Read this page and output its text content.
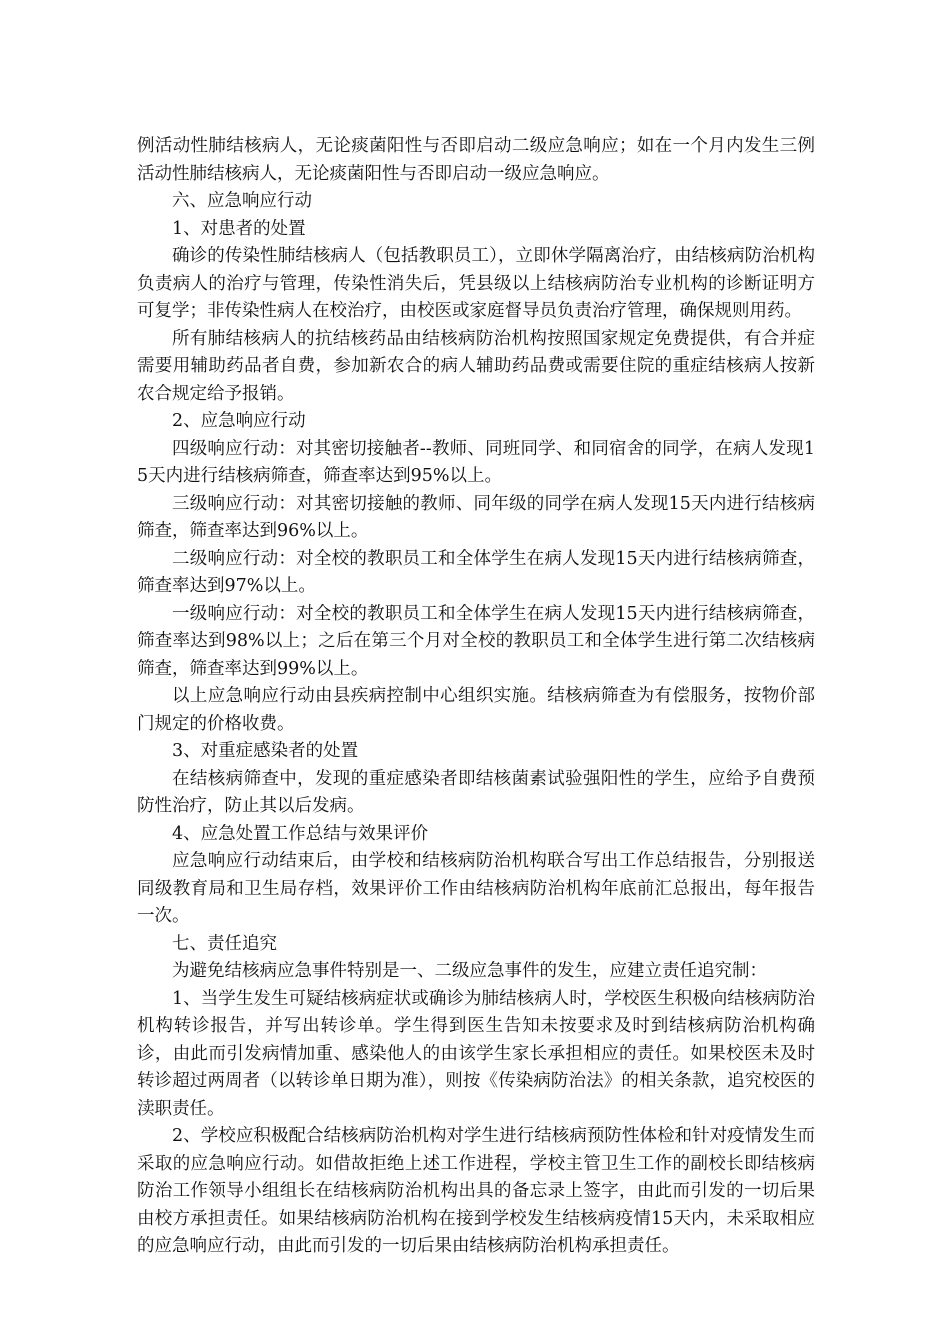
例活动性肺结核病人，无论痰菌阳性与否即启动二级应急响应；如在一个月内发生三例活动性肺结核病人，无论痰菌阳性与否即启动一级应急响应。

六、应急响应行动

1、对患者的处置

确诊的传染性肺结核病人（包括教职员工），立即休学隔离治疗，由结核病防治机构负责病人的治疗与管理，传染性消失后，凭县级以上结核病防治专业机构的诊断证明方可复学；非传染性病人在校治疗，由校医或家庭督导员负责治疗管理，确保规则用药。

所有肺结核病人的抗结核药品由结核病防治机构按照国家规定免费提供，有合并症需要用辅助药品者自费，参加新农合的病人辅助药品费或需要住院的重症结核病人按新农合规定给予报销。

2、应急响应行动

四级响应行动：对其密切接触者--教师、同班同学、和同宿舍的同学，在病人发现15天内进行结核病筛查，筛查率达到95%以上。

三级响应行动：对其密切接触的教师、同年级的同学在病人发现15天内进行结核病筛查，筛查率达到96%以上。

二级响应行动：对全校的教职员工和全体学生在病人发现15天内进行结核病筛查，筛查率达到97%以上。

一级响应行动：对全校的教职员工和全体学生在病人发现15天内进行结核病筛查，筛查率达到98%以上；之后在第三个月对全校的教职员工和全体学生进行第二次结核病筛查，筛查率达到99%以上。

以上应急响应行动由县疾病控制中心组织实施。结核病筛查为有偿服务，按物价部门规定的价格收费。

3、对重症感染者的处置

在结核病筛查中，发现的重症感染者即结核菌素试验强阳性的学生，应给予自费预防性治疗，防止其以后发病。

4、应急处置工作总结与效果评价

应急响应行动结束后，由学校和结核病防治机构联合写出工作总结报告，分别报送同级教育局和卫生局存档，效果评价工作由结核病防治机构年底前汇总报出，每年报告一次。

七、责任追究

为避免结核病应急事件特别是一、二级应急事件的发生，应建立责任追究制：

1、当学生发生可疑结核病症状或确诊为肺结核病人时，学校医生积极向结核病防治机构转诊报告，并写出转诊单。学生得到医生告知未按要求及时到结核病防治机构确诊，由此而引发病情加重、感染他人的由该学生家长承担相应的责任。如果校医未及时转诊超过两周者（以转诊单日期为准），则按《传染病防治法》的相关条款，追究校医的渎职责任。

2、学校应积极配合结核病防治机构对学生进行结核病预防性体检和针对疫情发生而采取的应急响应行动。如借故拒绝上述工作进程，学校主管卫生工作的副校长即结核病防治工作领导小组组长在结核病防治机构出具的备忘录上签字，由此而引发的一切后果由校方承担责任。如果结核病防治机构在接到学校发生结核病疫情15天内，未采取相应的应急响应行动，由此而引发的一切后果由结核病防治机构承担责任。
